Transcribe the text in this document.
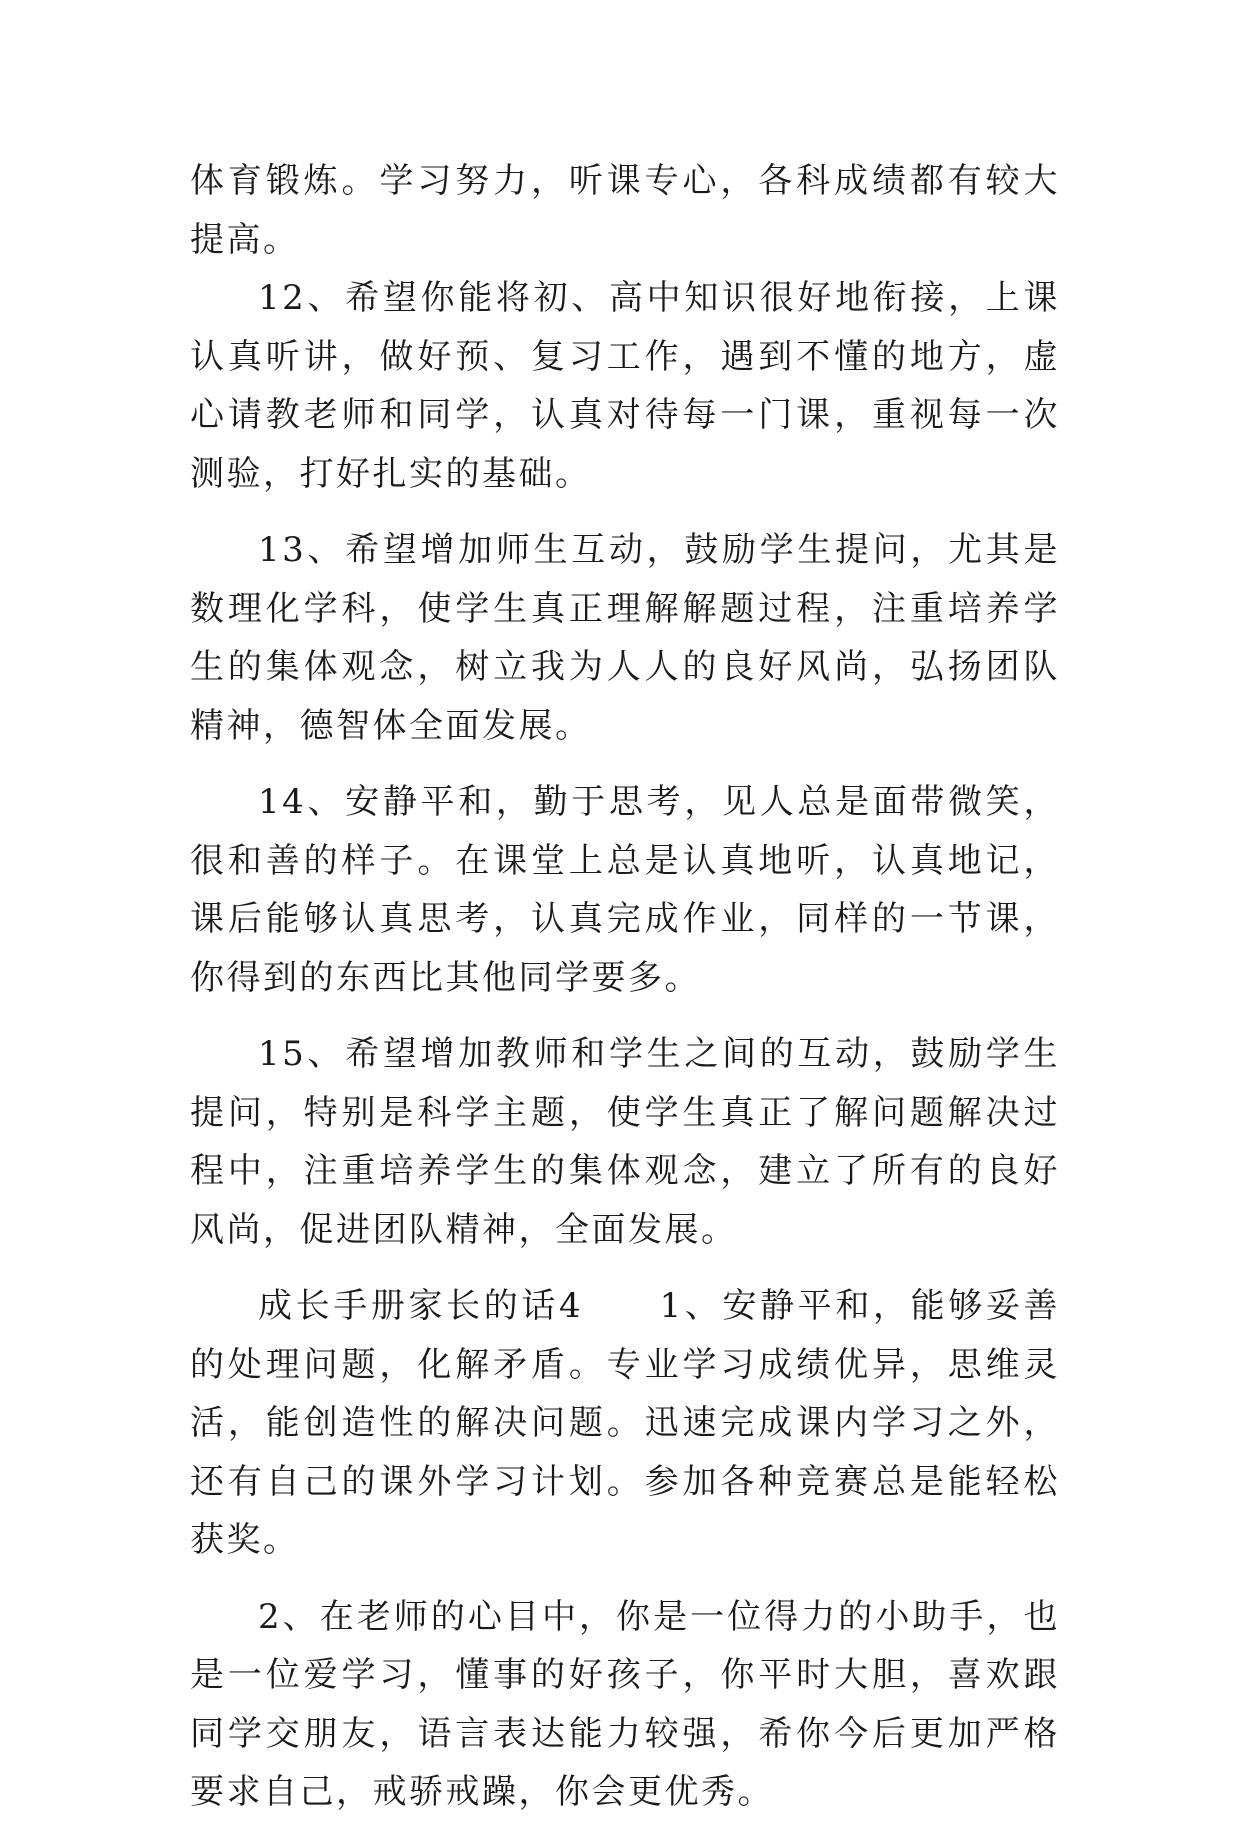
体育锻炼。学习努力，听课专心，各科成绩都有较大提高。

12、希望你能将初、高中知识很好地衔接，上课认真听讲，做好预、复习工作，遇到不懂的地方，虚心请教老师和同学，认真对待每一门课，重视每一次测验，打好扎实的基础。

13、希望增加师生互动，鼓励学生提问，尤其是数理化学科，使学生真正理解解题过程，注重培养学生的集体观念，树立我为人人的良好风尚，弘扬团队精神，德智体全面发展。

14、安静平和，勤于思考，见人总是面带微笑，很和善的样子。在课堂上总是认真地听，认真地记，课后能够认真思考，认真完成作业，同样的一节课，你得到的东西比其他同学要多。

15、希望增加教师和学生之间的互动，鼓励学生提问，特别是科学主题，使学生真正了解问题解决过程中，注重培养学生的集体观念，建立了所有的良好风尚，促进团队精神，全面发展。

成长手册家长的话4　　1、安静平和，能够妥善的处理问题，化解矛盾。专业学习成绩优异，思维灵活，能创造性的解决问题。迅速完成课内学习之外，还有自己的课外学习计划。参加各种竞赛总是能轻松获奖。

2、在老师的心目中，你是一位得力的小助手，也是一位爱学习，懂事的好孩子，你平时大胆，喜欢跟同学交朋友，语言表达能力较强，希你今后更加严格要求自己，戒骄戒躁，你会更优秀。
